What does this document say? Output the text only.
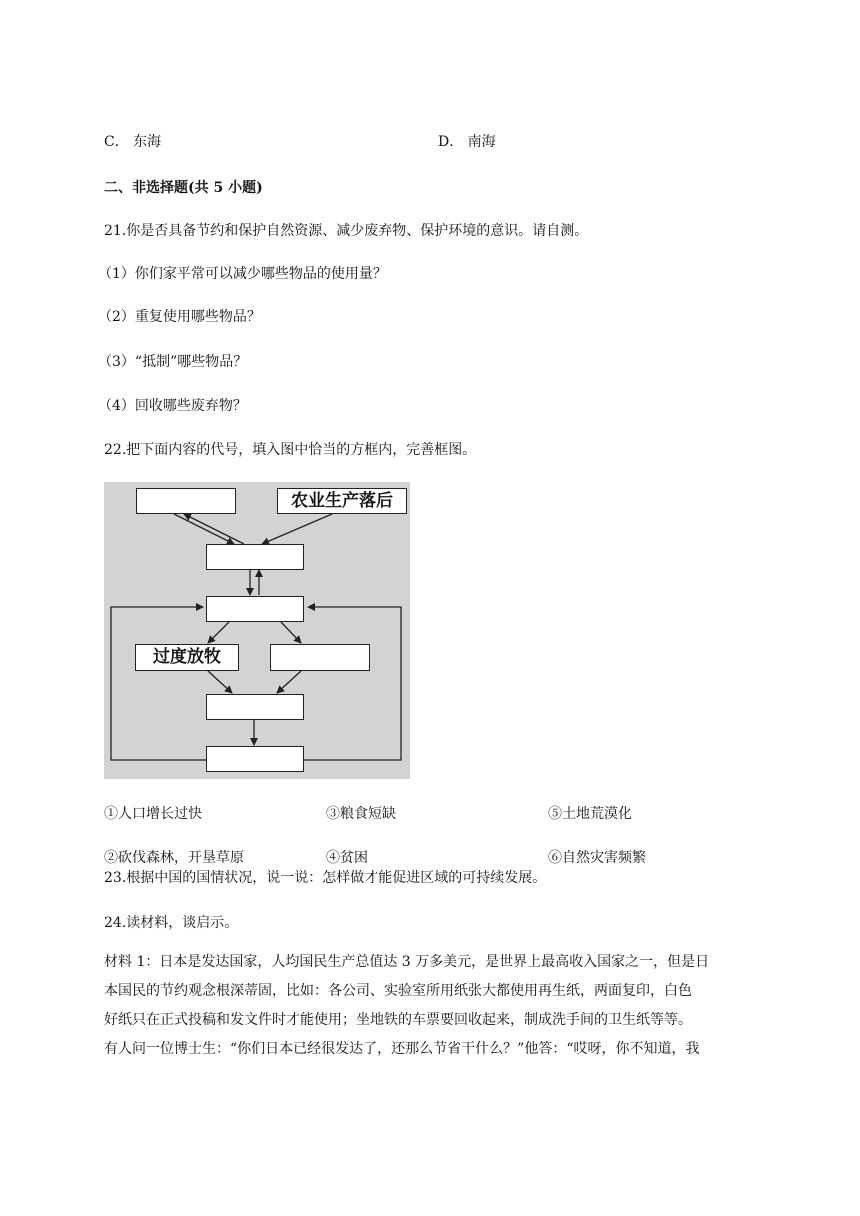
C． 东海	D． 南海
二、非选择题(共 5 小题)
21.你是否具备节约和保护自然资源、减少废弃物、保护环境的意识。请自测。
（1）你们家平常可以减少哪些物品的使用量？
（2）重复使用哪些物品？
（3）“抵制”哪些物品？
（4）回收哪些废弃物？
22.把下面内容的代号，填入图中恰当的方框内，完善框图。
农业生产落后
过度放牧
①人口增长过快	③粮食短缺	⑤土地荒漠化
②砍伐森林，开垦草原	④贫困	⑥自然灾害频繁
23.根据中国的国情状况，说一说：怎样做才能促进区域的可持续发展。
24.读材料，谈启示。
材料 1：日本是发达国家，人均国民生产总值达 3 万多美元，是世界上最高收入国家之一，但是日
本国民的节约观念根深蒂固，比如：各公司、实验室所用纸张大都使用再生纸，两面复印，白色
好纸只在正式投稿和发文件时才能使用；坐地铁的车票要回收起来，制成洗手间的卫生纸等等。
有人问一位博士生：“你们日本已经很发达了，还那么节省干什么？”他答：“哎呀，你不知道，我
